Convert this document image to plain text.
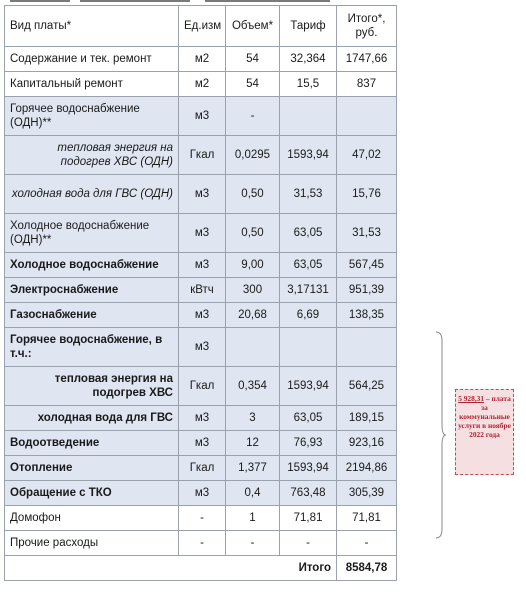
Вид платы*	Ед.изм	Объем*	Тариф	Итого*, руб.
Содержание и тек. ремонт	м2	54	32,364	1747,66
Капитальный ремонт	м2	54	15,5	837
Горячее водоснабжение (ОДН)**	м3	-		
тепловая энергия на подогрев ХВС (ОДН)	Гкал	0,0295	1593,94	47,02
холодная вода для ГВС (ОДН)	м3	0,50	31,53	15,76
Холодное водоснабжение (ОДН)**	м3	0,50	63,05	31,53
Холодное водоснабжение	м3	9,00	63,05	567,45
Электроснабжение	кВтч	300	3,17131	951,39
Газоснабжение	м3	20,68	6,69	138,35
Горячее водоснабжение, в т.ч.:	м3			
тепловая энергия на подогрев ХВС	Гкал	0,354	1593,94	564,25
холодная вода для ГВС	м3	3	63,05	189,15
Водоотведение	м3	12	76,93	923,16
Отопление	Гкал	1,377	1593,94	2194,86
Обращение с ТКО	м3	0,4	763,48	305,39
Домофон	-	1	71,81	71,81
Прочие расходы	-	-	-	-
Итого				8584,78
5 928,31 – плата за коммунальные услуги в ноябре 2022 года
